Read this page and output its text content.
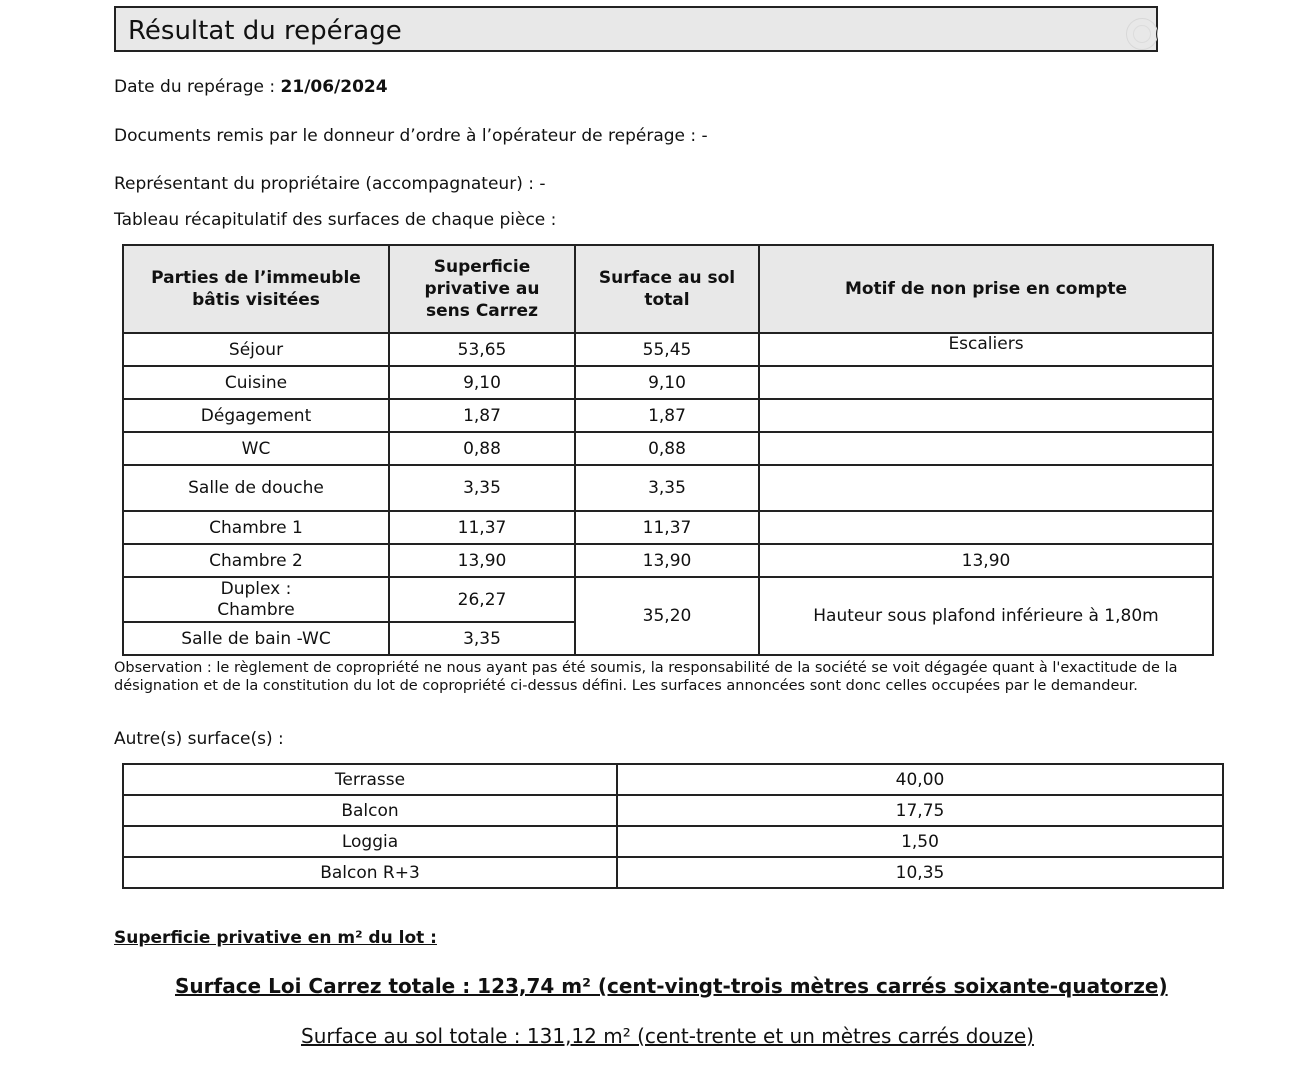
Résultat du repérage
Date du repérage : 21/06/2024
Documents remis par le donneur d’ordre à l’opérateur de repérage : -
Représentant du propriétaire (accompagnateur) : -
Tableau récapitulatif des surfaces de chaque pièce :
Parties de l’immeuble
bâtis visitées	Superficie
privative au
sens Carrez	Surface au sol
total	Motif de non prise en compte
Séjour	53,65	55,45	Escaliers
Cuisine	9,10	9,10	
Dégagement	1,87	1,87	
WC	0,88	0,88	
Salle de douche	3,35	3,35	
Chambre 1	11,37	11,37	
Chambre 2	13,90	13,90	13,90
Duplex :
Chambre	26,27	35,20	Hauteur sous plafond inférieure à 1,80m
Salle de bain -WC	3,35		
Observation : le règlement de copropriété ne nous ayant pas été soumis, la responsabilité de la société se voit dégagée quant à l'exactitude de la désignation et de la constitution du lot de copropriété ci-dessus défini. Les surfaces annoncées sont donc celles occupées par le demandeur.
Autre(s) surface(s) :
Terrasse	40,00
Balcon	17,75
Loggia	1,50
Balcon R+3	10,35
Superficie privative en m² du lot :
Surface Loi Carrez totale : 123,74 m² (cent-vingt-trois mètres carrés soixante-quatorze)
Surface au sol totale : 131,12 m² (cent-trente et un mètres carrés douze)
